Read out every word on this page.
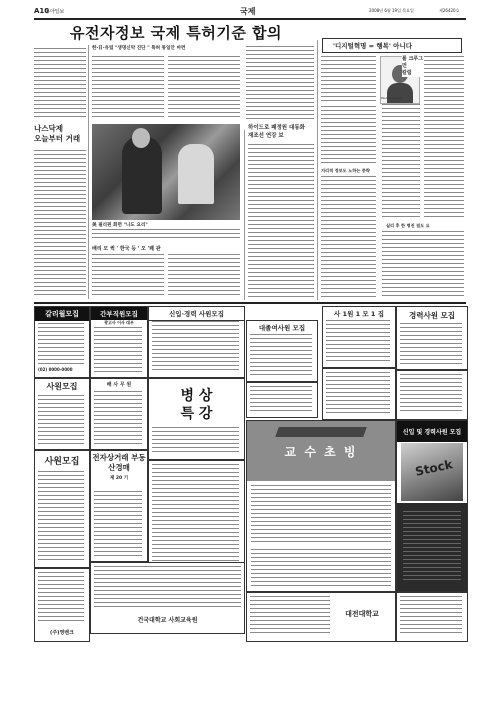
A10
동아일보	국제	2008년 6월 19일 목요일	제26420호
유전자정보 국제 특허기준 합의
'디지털혁명 = 행복' 아니다
나스닥제
오늘부터 거래
한·日·유럽 "생명신약 진단 " 특허 통일안 마련
美 필리핀 화면 "나도 요리"
배리 모 퀵 ' 한국 등 ' 오 '쾌 관
하이드로 패정원 대동화
재조선 연강 보
폴 크루그먼
칼럼
Paul Krugman
지리적 정보도 노하는 중략
실리 후 한 명진 점도 요
갈리월모집
(02) 0000-0000
간부직원모집
광고사 이사 대우
신입·경력 사원모집
대졸여사원 모집
사 1원 1 모 1 집	경력사원 모집
사원모집	배 사 무 원
병 상
특 강
사원모집	전자상거래 부동산경매
제 20 기
교 수 초 빙
신입 및 경력사원 모집
Stock
건국대학교 사회교육원
대전대학교
(주)영벤크
